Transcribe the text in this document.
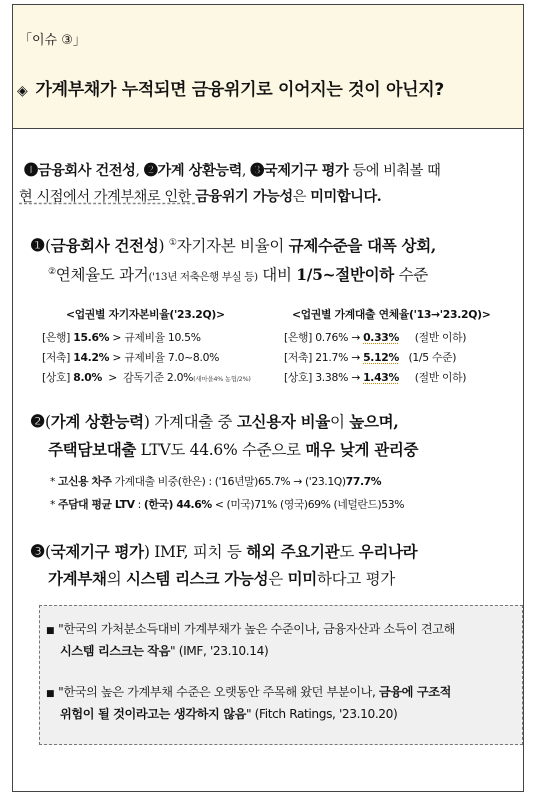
「이슈 ③」
◈ 가계부채가 누적되면 금융위기로 이어지는 것이 아닌지?
❶금융회사 건전성, ❷가계 상환능력, ❸국제기구 평가 등에 비춰볼 때
현 시점에서 가계부채로 인한 금융위기 가능성은 미미합니다.
❶(금융회사 건전성) ①자기자본 비율이 규제수준을 대폭 상회,
②연체율도 과거('13년 저축은행 부실 등) 대비 1/5~절반이하 수준
<업권별 자기자본비율('23.2Q)>	<업권별 가계대출 연체율('13→'23.2Q)>
[은행] 15.6% > 규제비율 10.5%
[저축] 14.2% > 규제비율 7.0~8.0%
[상호] 8.0% > 감독기준 2.0%(새마을4% 농협/2%)
[은행] 0.76% → 0.33% (절반 이하)
[저축] 21.7% → 5.12% (1/5 수준)
[상호] 3.38% → 1.43% (절반 이하)
❷(가계 상환능력) 가계대출 중 고신용자 비율이 높으며,
주택담보대출 LTV도 44.6% 수준으로 매우 낮게 관리중
* 고신용 차주 가계대출 비중(한은) : ('16년말)65.7% → ('23.1Q)77.7%
* 주담대 평균 LTV : (한국) 44.6% < (미국)71% (영국)69% (네덜란드)53%
❸(국제기구 평가) IMF, 피치 등 해외 주요기관도 우리나라
가계부채의 시스템 리스크 가능성은 미미하다고 평가
■ "한국의 가처분소득대비 가계부채가 높은 수준이나, 금융자산과 소득이 견고해
시스템 리스크는 작음" (IMF, '23.10.14)
■ "한국의 높은 가계부채 수준은 오랫동안 주목해 왔던 부분이나, 금융에 구조적
위험이 될 것이라고는 생각하지 않음" (Fitch Ratings, '23.10.20)
